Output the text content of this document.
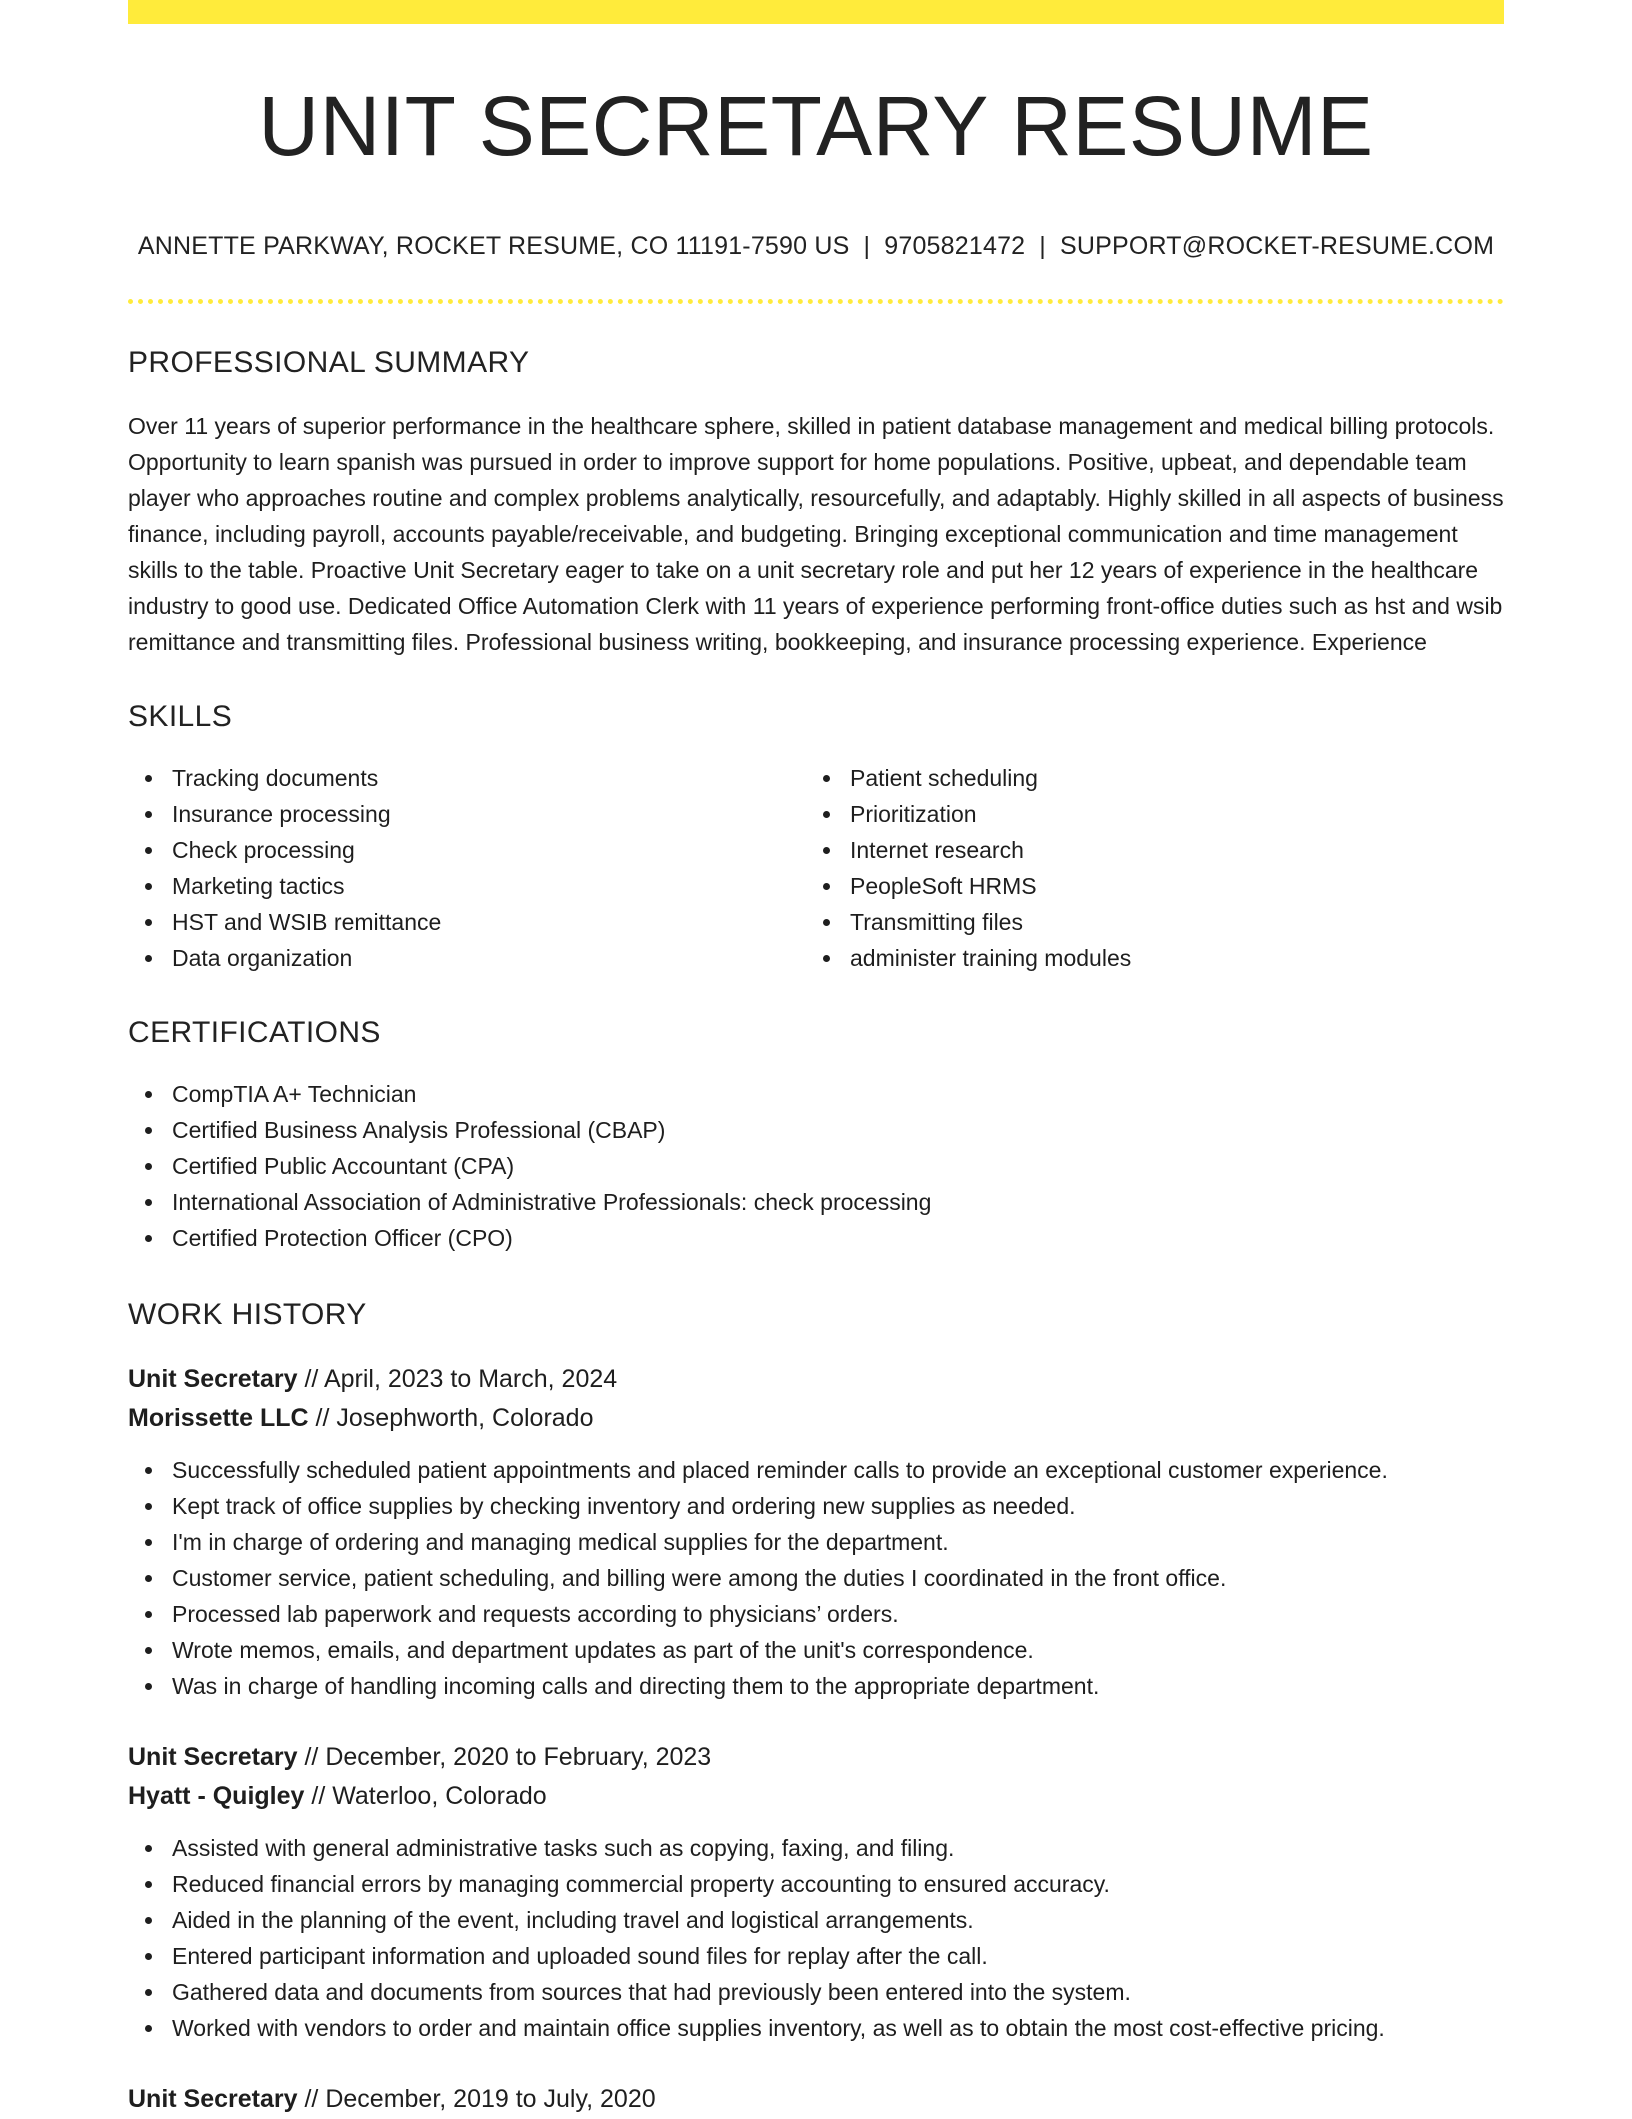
UNIT SECRETARY RESUME
ANNETTE PARKWAY, ROCKET RESUME, CO 11191-7590 US | 9705821472 | SUPPORT@ROCKET-RESUME.COM
PROFESSIONAL SUMMARY

Over 11 years of superior performance in the healthcare sphere, skilled in patient database management and medical billing protocols. Opportunity to learn spanish was pursued in order to improve support for home populations. Positive, upbeat, and dependable team player who approaches routine and complex problems analytically, resourcefully, and adaptably. Highly skilled in all aspects of business finance, including payroll, accounts payable/receivable, and budgeting. Bringing exceptional communication and time management skills to the table. Proactive Unit Secretary eager to take on a unit secretary role and put her 12 years of experience in the healthcare industry to good use. Dedicated Office Automation Clerk with 11 years of experience performing front-office duties such as hst and wsib remittance and transmitting files. Professional business writing, bookkeeping, and insurance processing experience. Experience

SKILLS
Tracking documents
Insurance processing
Check processing
Marketing tactics
HST and WSIB remittance
Data organization
Patient scheduling
Prioritization
Internet research
PeopleSoft HRMS
Transmitting files
administer training modules
CERTIFICATIONS
CompTIA A+ Technician
Certified Business Analysis Professional (CBAP)
Certified Public Accountant (CPA)
International Association of Administrative Professionals: check processing
Certified Protection Officer (CPO)
WORK HISTORY
Unit Secretary // April, 2023 to March, 2024
Morissette LLC // Josephworth, Colorado
Successfully scheduled patient appointments and placed reminder calls to provide an exceptional customer experience.
Kept track of office supplies by checking inventory and ordering new supplies as needed.
I'm in charge of ordering and managing medical supplies for the department.
Customer service, patient scheduling, and billing were among the duties I coordinated in the front office.
Processed lab paperwork and requests according to physicians’ orders.
Wrote memos, emails, and department updates as part of the unit's correspondence.
Was in charge of handling incoming calls and directing them to the appropriate department.
Unit Secretary // December, 2020 to February, 2023
Hyatt - Quigley // Waterloo, Colorado
Assisted with general administrative tasks such as copying, faxing, and filing.
Reduced financial errors by managing commercial property accounting to ensured accuracy.
Aided in the planning of the event, including travel and logistical arrangements.
Entered participant information and uploaded sound files for replay after the call.
Gathered data and documents from sources that had previously been entered into the system.
Worked with vendors to order and maintain office supplies inventory, as well as to obtain the most cost-effective pricing.
Unit Secretary // December, 2019 to July, 2020
